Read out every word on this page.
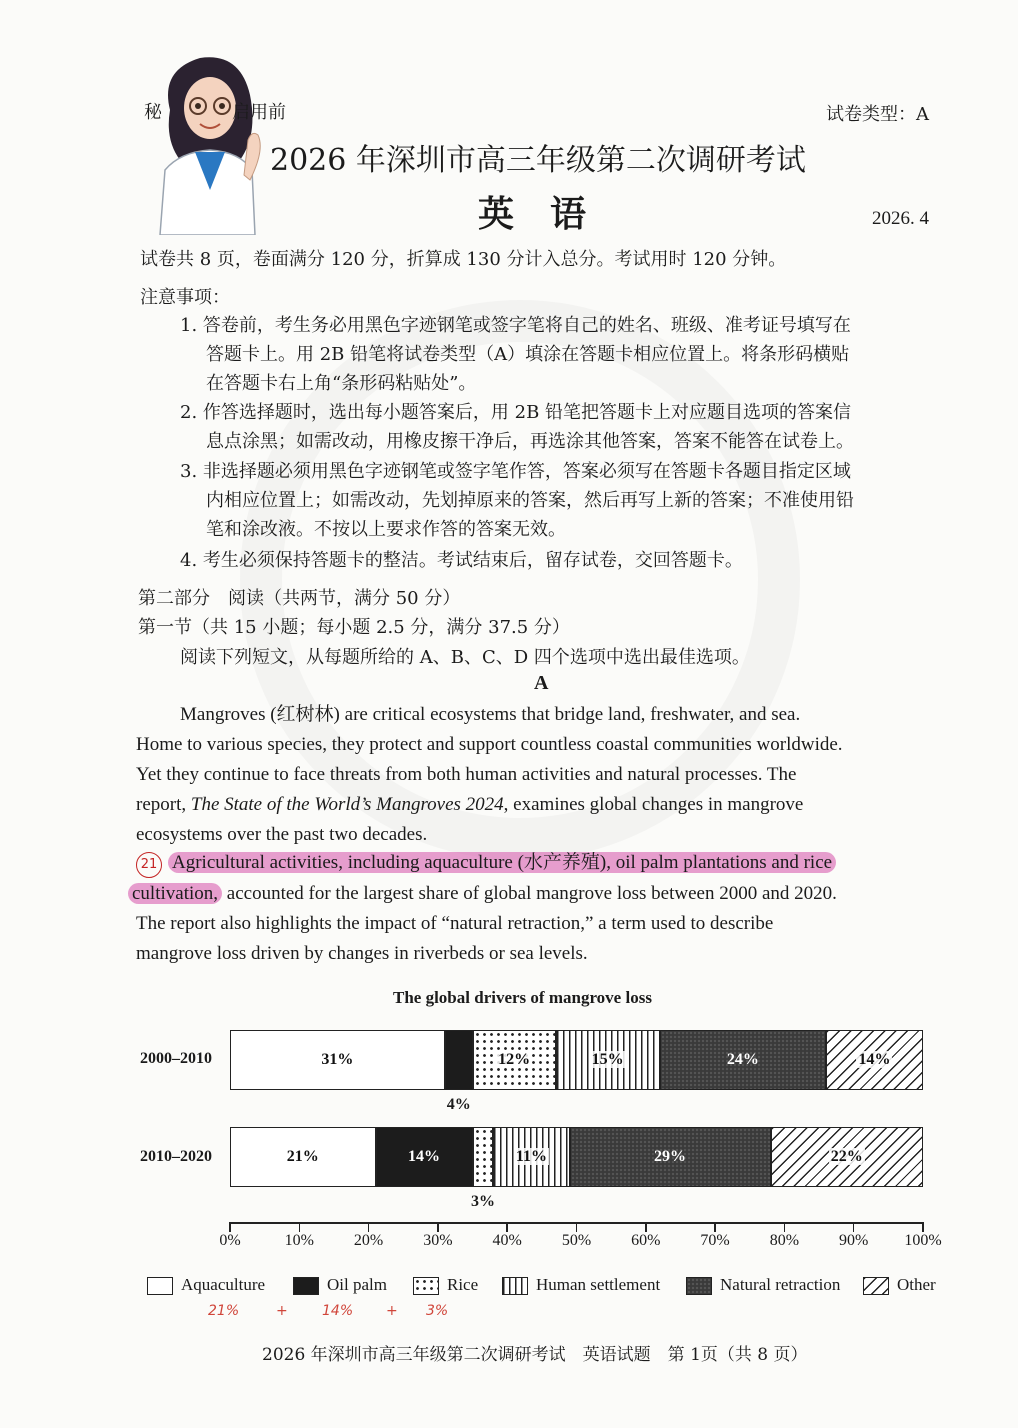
秘	启用前	试卷类型：A
2026 年深圳市高三年级第二次调研考试
英　语	2026. 4
试卷共 8 页，卷面满分 120 分，折算成 130 分计入总分。考试用时 120 分钟。
注意事项：
1. 答卷前，考生务必用黑色字迹钢笔或签字笔将自己的姓名、班级、准考证号填写在
答题卡上。用 2B 铅笔将试卷类型（A）填涂在答题卡相应位置上。将条形码横贴
在答题卡右上角“条形码粘贴处”。
2. 作答选择题时，选出每小题答案后，用 2B 铅笔把答题卡上对应题目选项的答案信
息点涂黑；如需改动，用橡皮擦干净后，再选涂其他答案，答案不能答在试卷上。
3. 非选择题必须用黑色字迹钢笔或签字笔作答，答案必须写在答题卡各题目指定区域
内相应位置上；如需改动，先划掉原来的答案，然后再写上新的答案；不准使用铅
笔和涂改液。不按以上要求作答的答案无效。
4. 考生必须保持答题卡的整洁。考试结束后，留存试卷，交回答题卡。
第二部分　阅读（共两节，满分 50 分）
第一节（共 15 小题；每小题 2.5 分，满分 37.5 分）
阅读下列短文，从每题所给的 A、B、C、D 四个选项中选出最佳选项。
A
Mangroves (红树林) are critical ecosystems that bridge land, freshwater, and sea.
Home to various species, they protect and support countless coastal communities worldwide.
Yet they continue to face threats from both human activities and natural processes. The
report, The State of the World’s Mangroves 2024, examines global changes in mangrove
ecosystems over the past two decades.
21 Agricultural activities, including aquaculture (水产养殖), oil palm plantations and rice
cultivation, accounted for the largest share of global mangrove loss between 2000 and 2020.
The report also highlights the impact of “natural retraction,” a term used to describe
mangrove loss driven by changes in riverbeds or sea levels.
The global drivers of mangrove loss
2000–2010
2010–2020
31%
4%
12%	15%	24%	14%
21%	14%
3%
11%	29%	22%
0%	10% 20% 30% 40% 50% 60% 70% 80% 90% 100%
Aquaculture	Oil palm	Rice	Human settlement	Natural retraction	Other
21%	+ 14% + 3%
2026 年深圳市高三年级第二次调研考试　英语试题　第 1页（共 8 页）
